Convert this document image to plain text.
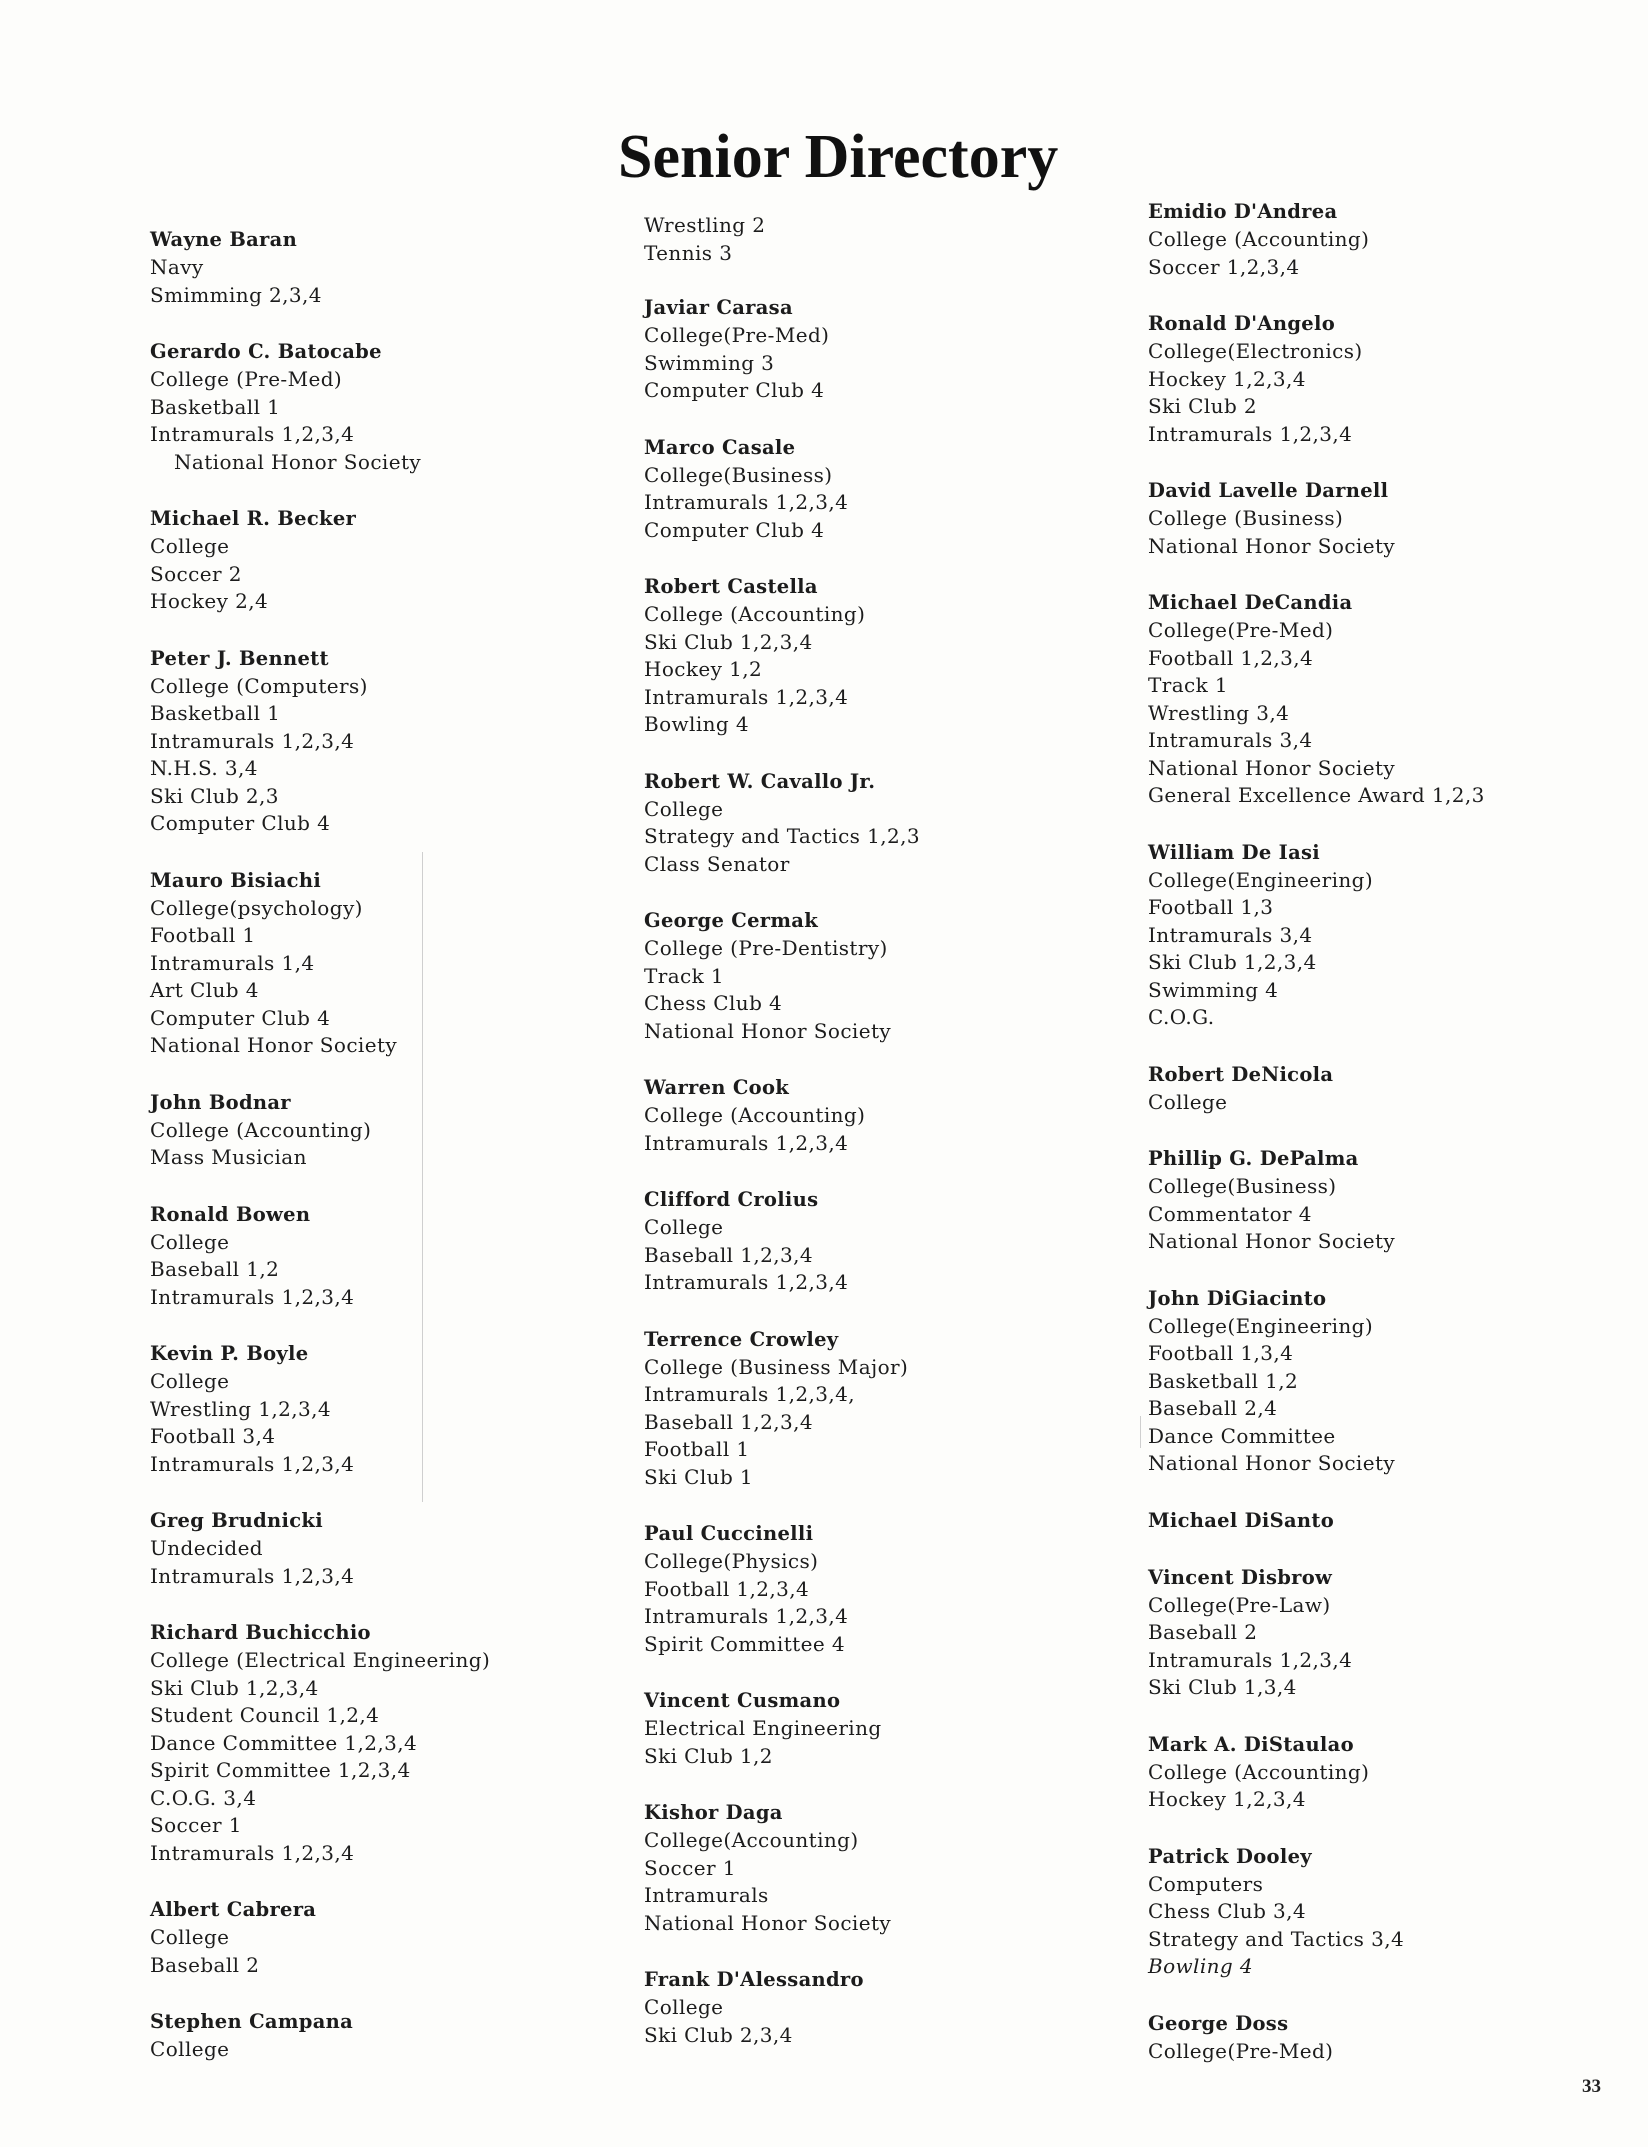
Senior Directory
Wayne Baran
Navy
Smimming 2,3,4
Gerardo C. Batocabe
College (Pre-Med)
Basketball 1
Intramurals 1,2,3,4
National Honor Society
Michael R. Becker
College
Soccer 2
Hockey 2,4
Peter J. Bennett
College (Computers)
Basketball 1
Intramurals 1,2,3,4
N.H.S. 3,4
Ski Club 2,3
Computer Club 4
Mauro Bisiachi
College(psychology)
Football 1
Intramurals 1,4
Art Club 4
Computer Club 4
National Honor Society
John Bodnar
College (Accounting)
Mass Musician
Ronald Bowen
College
Baseball 1,2
Intramurals 1,2,3,4
Kevin P. Boyle
College
Wrestling 1,2,3,4
Football 3,4
Intramurals 1,2,3,4
Greg Brudnicki
Undecided
Intramurals 1,2,3,4
Richard Buchicchio
College (Electrical Engineering)
Ski Club 1,2,3,4
Student Council 1,2,4
Dance Committee 1,2,3,4
Spirit Committee 1,2,3,4
C.O.G. 3,4
Soccer 1
Intramurals 1,2,3,4
Albert Cabrera
College
Baseball 2
Stephen Campana
College
Wrestling 2
Tennis 3
Javiar Carasa
College(Pre-Med)
Swimming 3
Computer Club 4
Marco Casale
College(Business)
Intramurals 1,2,3,4
Computer Club 4
Robert Castella
College (Accounting)
Ski Club 1,2,3,4
Hockey 1,2
Intramurals 1,2,3,4
Bowling 4
Robert W. Cavallo Jr.
College
Strategy and Tactics 1,2,3
Class Senator
George Cermak
College (Pre-Dentistry)
Track 1
Chess Club 4
National Honor Society
Warren Cook
College (Accounting)
Intramurals 1,2,3,4
Clifford Crolius
College
Baseball 1,2,3,4
Intramurals 1,2,3,4
Terrence Crowley
College (Business Major)
Intramurals 1,2,3,4,
Baseball 1,2,3,4
Football 1
Ski Club 1
Paul Cuccinelli
College(Physics)
Football 1,2,3,4
Intramurals 1,2,3,4
Spirit Committee 4
Vincent Cusmano
Electrical Engineering
Ski Club 1,2
Kishor Daga
College(Accounting)
Soccer 1
Intramurals
National Honor Society
Frank D'Alessandro
College
Ski Club 2,3,4
Emidio D'Andrea
College (Accounting)
Soccer 1,2,3,4
Ronald D'Angelo
College(Electronics)
Hockey 1,2,3,4
Ski Club 2
Intramurals 1,2,3,4
David Lavelle Darnell
College (Business)
National Honor Society
Michael DeCandia
College(Pre-Med)
Football 1,2,3,4
Track 1
Wrestling 3,4
Intramurals 3,4
National Honor Society
General Excellence Award 1,2,3
William De Iasi
College(Engineering)
Football 1,3
Intramurals 3,4
Ski Club 1,2,3,4
Swimming 4
C.O.G.
Robert DeNicola
College
Phillip G. DePalma
College(Business)
Commentator 4
National Honor Society
John DiGiacinto
College(Engineering)
Football 1,3,4
Basketball 1,2
Baseball 2,4
Dance Committee
National Honor Society
Michael DiSanto
Vincent Disbrow
College(Pre-Law)
Baseball 2
Intramurals 1,2,3,4
Ski Club 1,3,4
Mark A. DiStaulao
College (Accounting)
Hockey 1,2,3,4
Patrick Dooley
Computers
Chess Club 3,4
Strategy and Tactics 3,4
Bowling 4
George Doss
College(Pre-Med)
33
